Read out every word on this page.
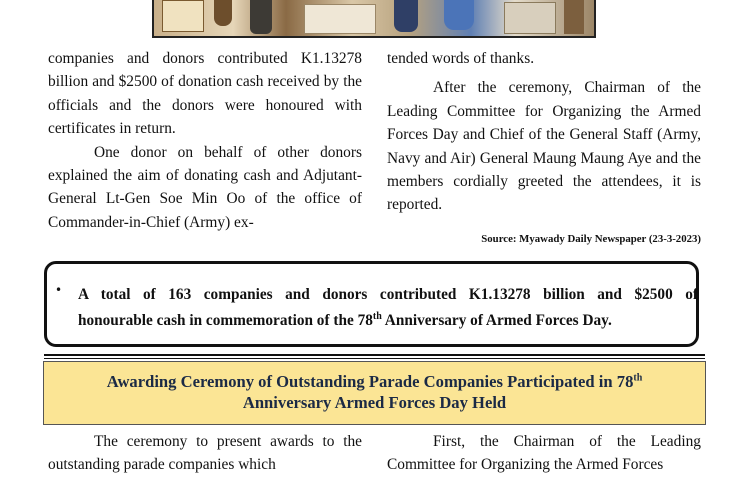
companies and donors contributed K1.13278 billion and $2500 of donation cash received by the officials and the donors were honoured with certificates in return.

One donor on behalf of other donors explained the aim of donating cash and Adjutant-General Lt-Gen Soe Min Oo of the office of Commander-in-Chief (Army) ex-

tended words of thanks.

After the ceremony, Chairman of the Leading Committee for Organizing the Armed Forces Day and Chief of the General Staff (Army, Navy and Air) General Maung Maung Aye and the members cordially greeted the attendees, it is reported.

Source: Myawady Daily Newspaper (23-3-2023)
• A total of 163 companies and donors contributed K1.13278 billion and $2500 of
honourable cash in commemoration of the 78th Anniversary of Armed Forces Day.
Awarding Ceremony of Outstanding Parade Companies Participated in 78th
Anniversary Armed Forces Day Held

The ceremony to present awards to the outstanding parade companies which

First, the Chairman of the Leading Committee for Organizing the Armed Forces
